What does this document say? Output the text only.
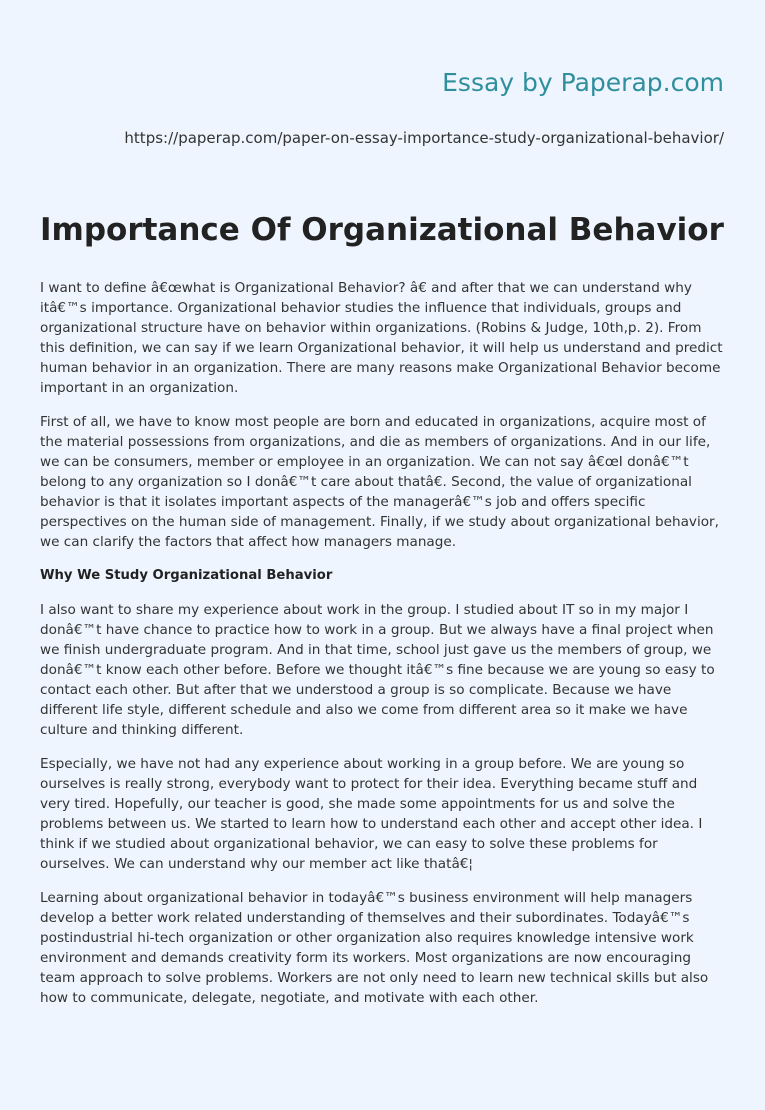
Essay by Paperap.com

https://paperap.com/paper-on-essay-importance-study-organizational-behavior/

Importance Of Organizational Behavior

I want to define â€œwhat is Organizational Behavior? â€ and after that we can understand why itâ€™s importance. Organizational behavior studies the influence that individuals, groups and organizational structure have on behavior within organizations. (Robins & Judge, 10th,p. 2). From this definition, we can say if we learn Organizational behavior, it will help us understand and predict human behavior in an organization. There are many reasons make Organizational Behavior become important in an organization.

First of all, we have to know most people are born and educated in organizations, acquire most of the material possessions from organizations, and die as members of organizations. And in our life, we can be consumers, member or employee in an organization. We can not say â€œI donâ€™t belong to any organization so I donâ€™t care about thatâ€. Second, the value of organizational behavior is that it isolates important aspects of the managerâ€™s job and offers specific perspectives on the human side of management. Finally, if we study about organizational behavior, we can clarify the factors that affect how managers manage.

Why We Study Organizational Behavior

I also want to share my experience about work in the group. I studied about IT so in my major I donâ€™t have chance to practice how to work in a group. But we always have a final project when we finish undergraduate program. And in that time, school just gave us the members of group, we donâ€™t know each other before. Before we thought itâ€™s fine because we are young so easy to contact each other. But after that we understood a group is so complicate. Because we have different life style, different schedule and also we come from different area so it make we have culture and thinking different.

Especially, we have not had any experience about working in a group before. We are young so ourselves is really strong, everybody want to protect for their idea. Everything became stuff and very tired. Hopefully, our teacher is good, she made some appointments for us and solve the problems between us. We started to learn how to understand each other and accept other idea. I think if we studied about organizational behavior, we can easy to solve these problems for ourselves. We can understand why our member act like thatâ€¦

Learning about organizational behavior in todayâ€™s business environment will help managers develop a better work related understanding of themselves and their subordinates. Todayâ€™s postindustrial hi-tech organization or other organization also requires knowledge intensive work environment and demands creativity form its workers. Most organizations are now encouraging team approach to solve problems. Workers are not only need to learn new technical skills but also how to communicate, delegate, negotiate, and motivate with each other.
